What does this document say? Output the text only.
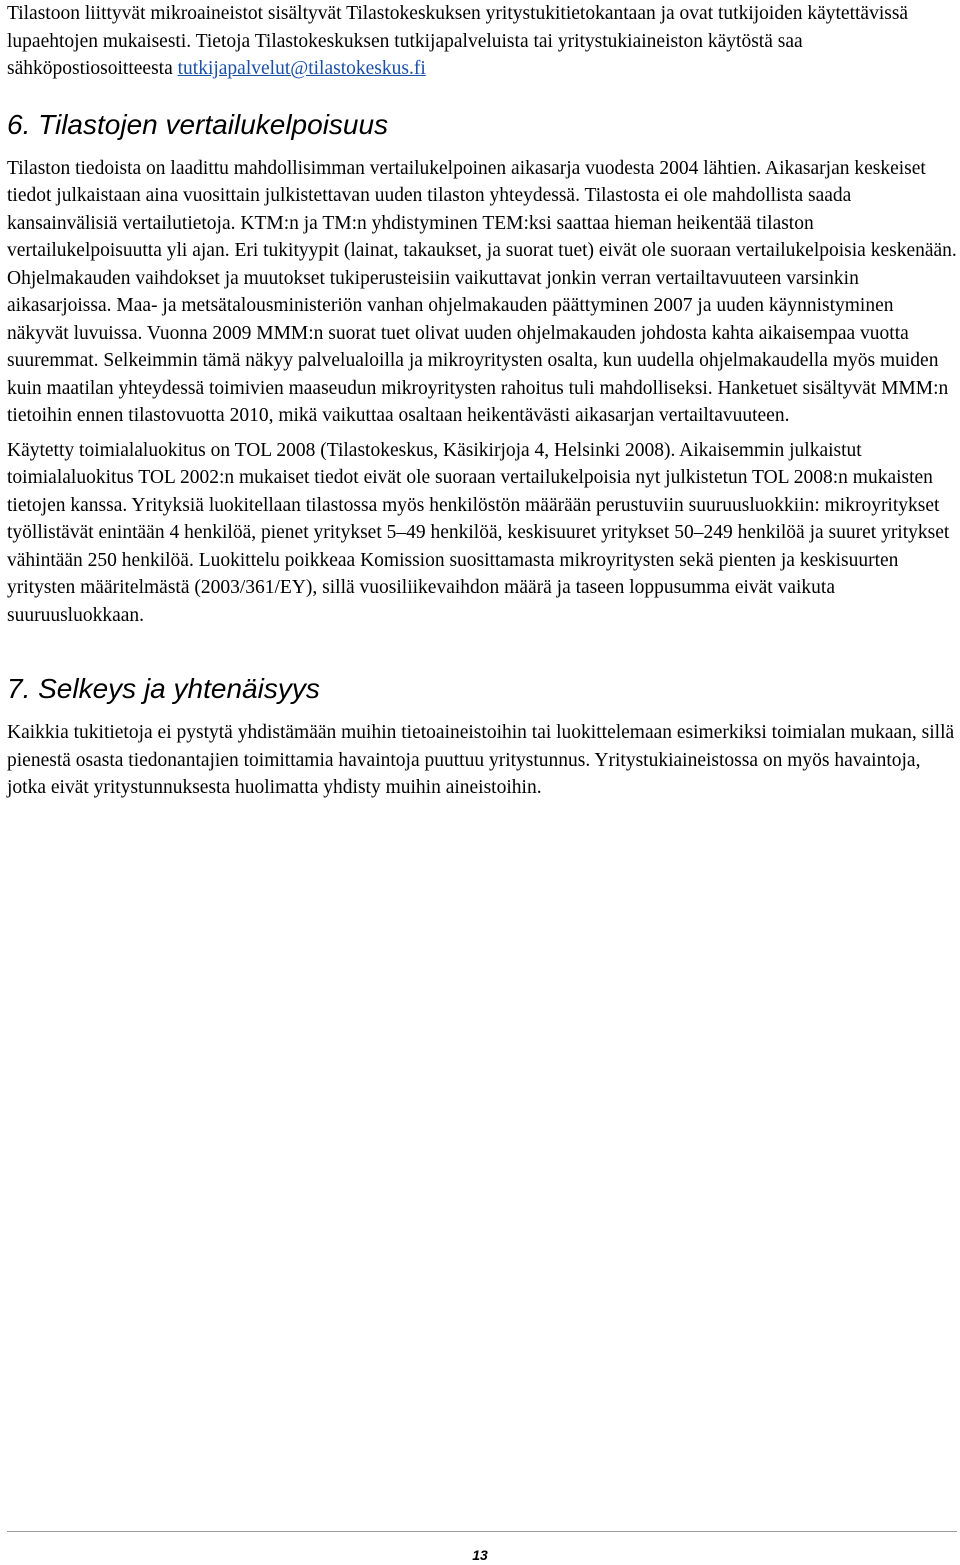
Tilastoon liittyvät mikroaineistot sisältyvät Tilastokeskuksen yritystukitietokantaan ja ovat tutkijoiden käytettävissä lupaehtojen mukaisesti. Tietoja Tilastokeskuksen tutkijapalveluista tai yritystukiaineiston käytöstä saa sähköpostiosoitteesta tutkijapalvelut@tilastokeskus.fi

6. Tilastojen vertailukelpoisuus

Tilaston tiedoista on laadittu mahdollisimman vertailukelpoinen aikasarja vuodesta 2004 lähtien. Aikasarjan keskeiset tiedot julkaistaan aina vuosittain julkistettavan uuden tilaston yhteydessä. Tilastosta ei ole mahdollista saada kansainvälisiä vertailutietoja. KTM:n ja TM:n yhdistyminen TEM:ksi saattaa hieman heikentää tilaston vertailukelpoisuutta yli ajan. Eri tukityypit (lainat, takaukset, ja suorat tuet) eivät ole suoraan vertailukelpoisia keskenään. Ohjelmakauden vaihdokset ja muutokset tukiperusteisiin vaikuttavat jonkin verran vertailtavuuteen varsinkin aikasarjoissa. Maa- ja metsätalousministeriön vanhan ohjelmakauden päättyminen 2007 ja uuden käynnistyminen näkyvät luvuissa. Vuonna 2009 MMM:n suorat tuet olivat uuden ohjelmakauden johdosta kahta aikaisempaa vuotta suuremmat. Selkeimmin tämä näkyy palvelualoilla ja mikroyritysten osalta, kun uudella ohjelmakaudella myös muiden kuin maatilan yhteydessä toimivien maaseudun mikroyritysten rahoitus tuli mahdolliseksi. Hanketuet sisältyvät MMM:n tietoihin ennen tilastovuotta 2010, mikä vaikuttaa osaltaan heikentävästi aikasarjan vertailtavuuteen.

Käytetty toimialaluokitus on TOL 2008 (Tilastokeskus, Käsikirjoja 4, Helsinki 2008). Aikaisemmin julkaistut toimialaluokitus TOL 2002:n mukaiset tiedot eivät ole suoraan vertailukelpoisia nyt julkistetun TOL 2008:n mukaisten tietojen kanssa. Yrityksiä luokitellaan tilastossa myös henkilöstön määrään perustuviin suuruusluokkiin: mikroyritykset työllistävät enintään 4 henkilöä, pienet yritykset 5–49 henkilöä, keskisuuret yritykset 50–249 henkilöä ja suuret yritykset vähintään 250 henkilöä. Luokittelu poikkeaa Komission suosittamasta mikroyritysten sekä pienten ja keskisuurten yritysten määritelmästä (2003/361/EY), sillä vuosiliikevaihdon määrä ja taseen loppusumma eivät vaikuta suuruusluokkaan.

7. Selkeys ja yhtenäisyys

Kaikkia tukitietoja ei pystytä yhdistämään muihin tietoaineistoihin tai luokittelemaan esimerkiksi toimialan mukaan, sillä pienestä osasta tiedonantajien toimittamia havaintoja puuttuu yritystunnus. Yritystukiaineistossa on myös havaintoja, jotka eivät yritystunnuksesta huolimatta yhdisty muihin aineistoihin.

13
